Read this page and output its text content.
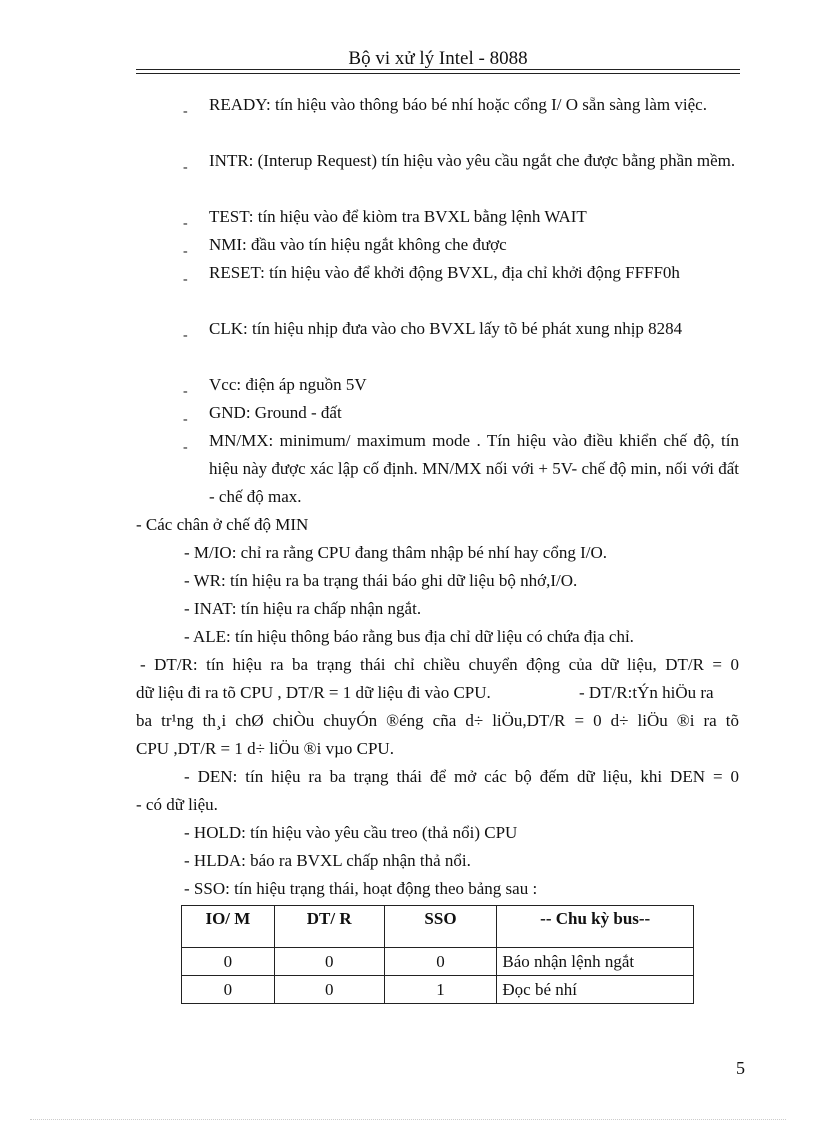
Bộ vi xử lý Intel - 8088
- READY: tín hiệu vào thông báo bé nhí hoặc cổng I/ O sẵn sàng làm việc.
- INTR: (Interup Request) tín hiệu vào yêu cầu ngắt che được bằng phần mềm.
- TEST: tín hiệu vào để kiòm tra BVXL bằng lệnh WAIT
- NMI: đầu vào tín hiệu ngắt không che được
- RESET: tín hiệu vào để khởi động BVXL, địa chỉ khởi động FFFF0h
- CLK: tín hiệu nhịp đưa vào cho BVXL lấy tõ bé phát xung nhịp 8284
- Vcc: điện áp nguồn 5V
- GND: Ground - đất
- MN/MX: minimum/ maximum mode . Tín hiệu vào điều khiển chế độ, tín hiệu này được xác lập cố định. MN/MX nối với + 5V- chế độ min, nối với đất - chế độ max.
- Các chân ở chế độ MIN
- M/IO: chỉ ra rằng CPU đang thâm nhập bé nhí hay cổng I/O.
- WR: tín hiệu ra ba trạng thái báo ghi dữ liệu bộ nhớ,I/O.
- INAT: tín hiệu ra chấp nhận ngắt.
- ALE: tín hiệu thông báo rằng bus địa chỉ dữ liệu có chứa địa chỉ.
- DT/R: tín hiệu ra ba trạng thái chỉ chiều chuyển động của dữ liệu, DT/R = 0
dữ liệu đi ra tõ CPU , DT/R = 1 dữ liệu đi vào CPU.	- DT/R:tÝn hiÖu ra
ba tr¹ng th¸i chØ chiÒu chuyÓn ®éng cña d÷ liÖu,DT/R = 0 d÷ liÖu ®i ra tõ
CPU ,DT/R = 1 d÷ liÖu ®i vµo CPU.
- DEN: tín hiệu ra ba trạng thái để mở các bộ đếm dữ liệu, khi DEN = 0
- có dữ liệu.
- HOLD: tín hiệu vào yêu cầu treo (thả nổi) CPU
- HLDA: báo ra BVXL chấp nhận thả nổi.
- SSO: tín hiệu trạng thái, hoạt động theo bảng sau :
IO/ M	DT/ R	SSO	-- Chu kỳ bus--
0	0	0	Báo nhận lệnh ngắt
0	0	1	Đọc bé nhí
5
